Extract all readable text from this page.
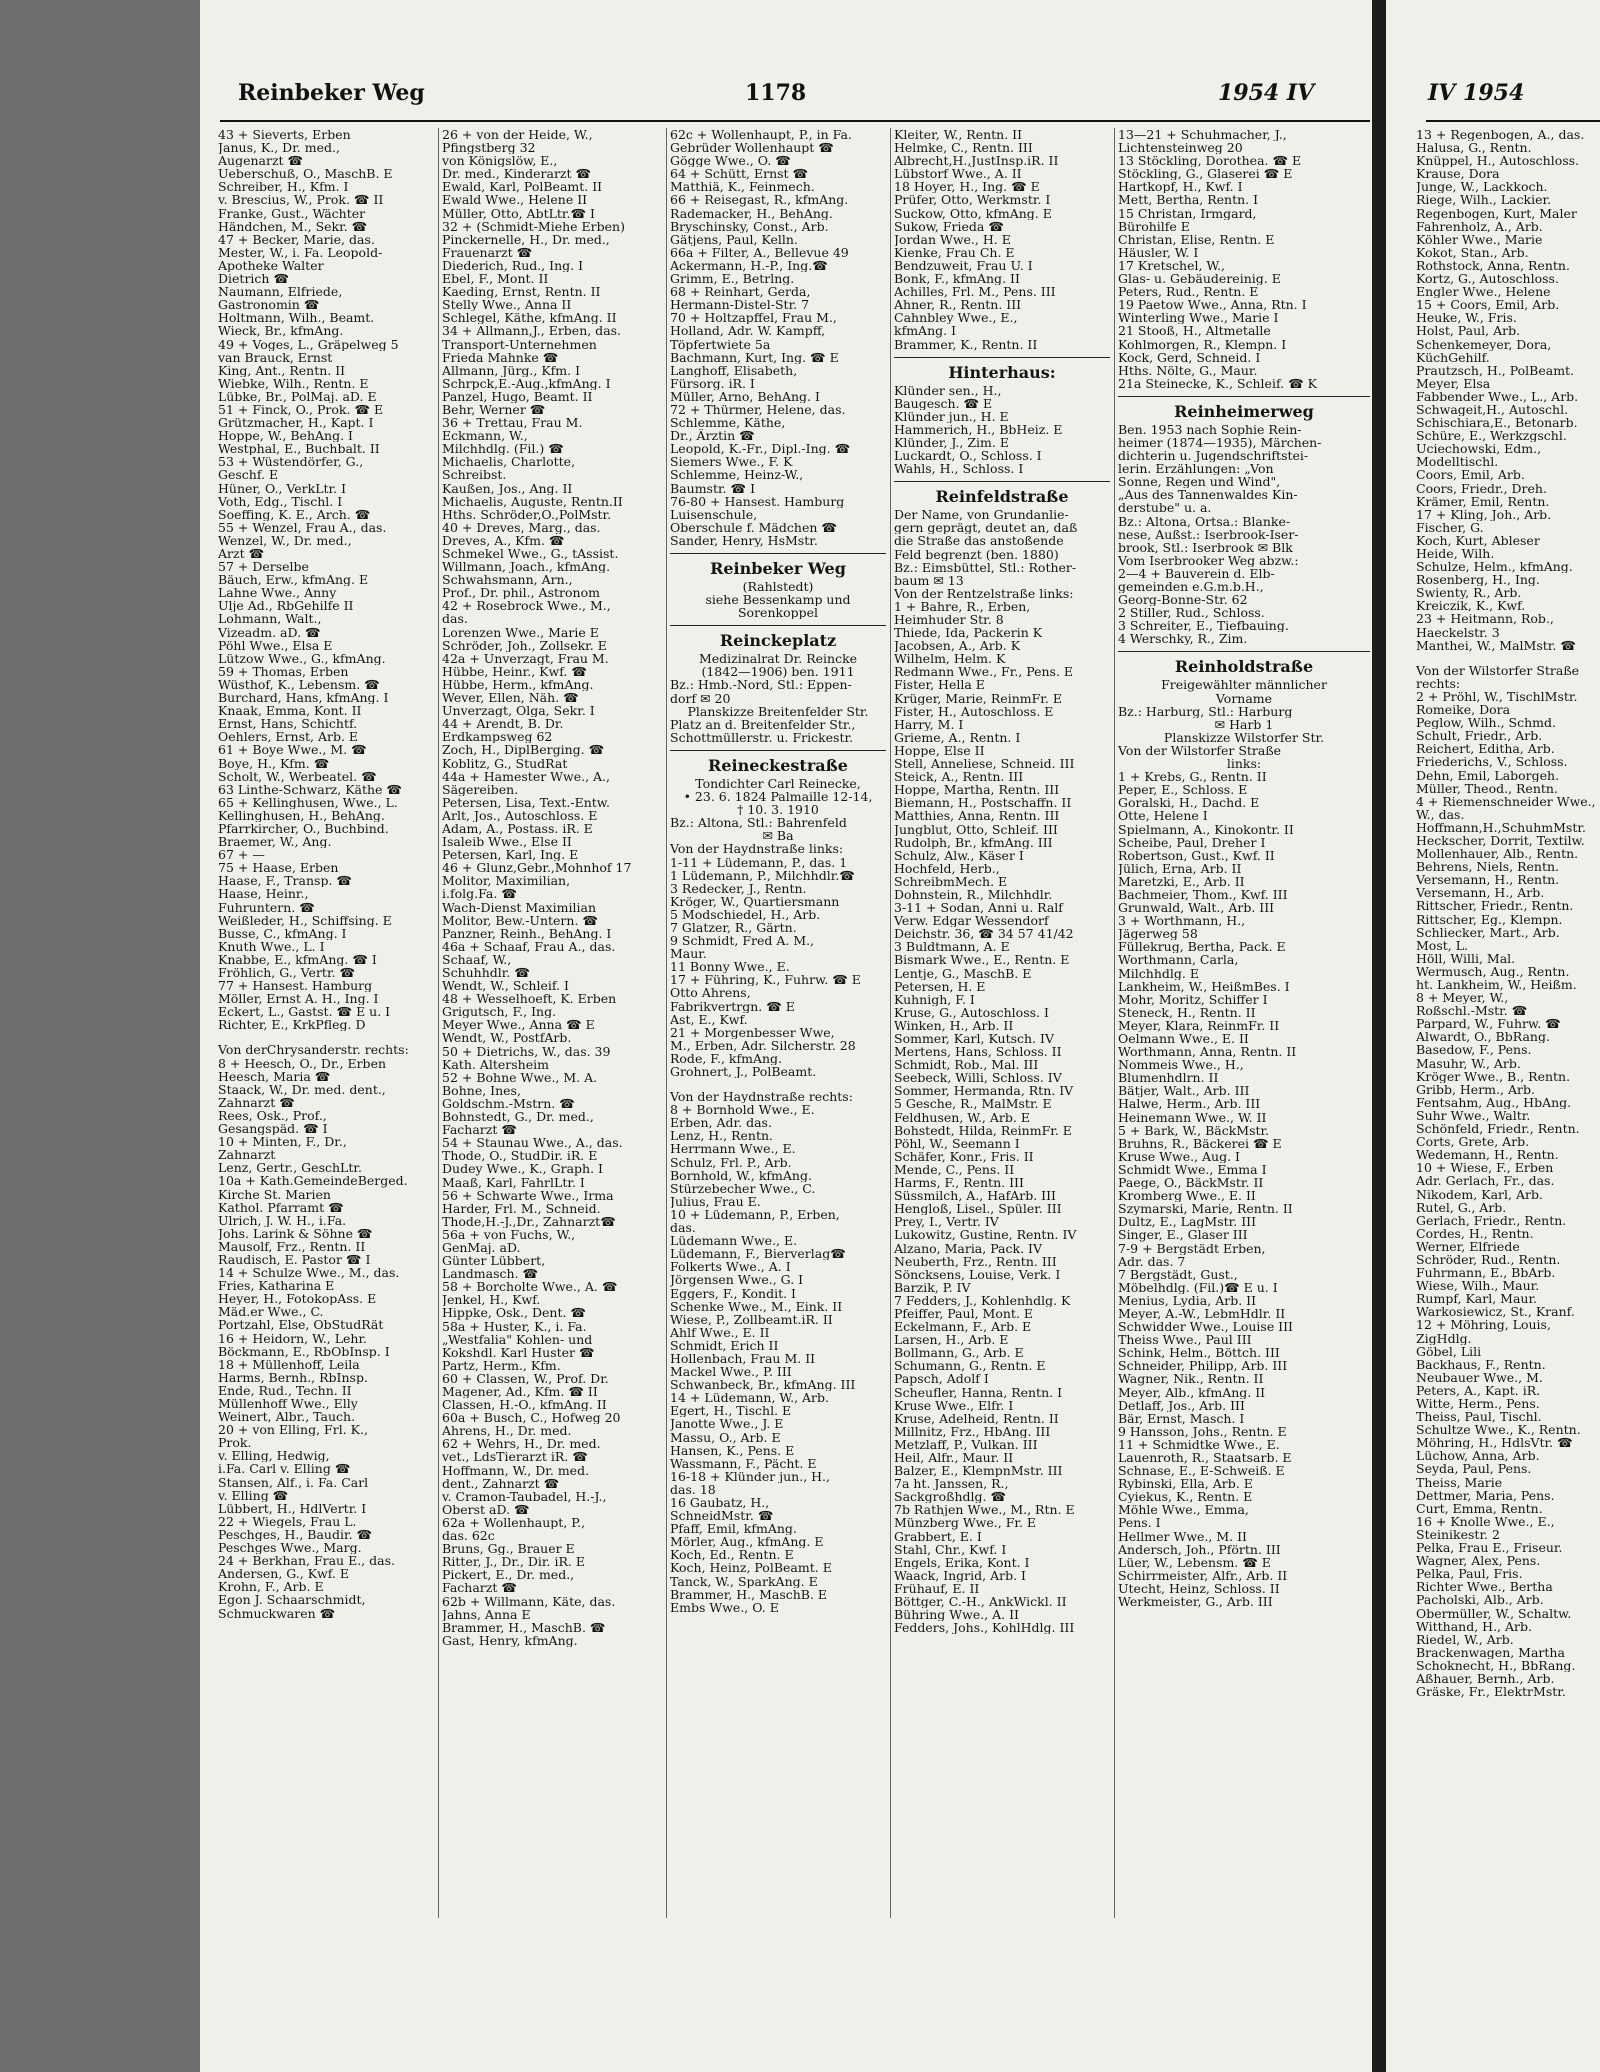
Reinbeker Weg	1178	1954 IV
43 + Sieverts, Erben
Janus, K., Dr. med.,
Augenarzt ☎
Ueberschuß, O., MaschB. E
Schreiber, H., Kfm. I
v. Brescius, W., Prok. ☎ II
Franke, Gust., Wächter
Händchen, M., Sekr. ☎
47 + Becker, Marie, das.
Mester, W., i. Fa. Leopold-
Apotheke Walter
Dietrich ☎
Naumann, Elfriede,
Gastronomin ☎
Holtmann, Wilh., Beamt.
Wieck, Br., kfmAng.
49 + Voges, L., Gräpelweg 5
van Brauck, Ernst
King, Ant., Rentn. II
Wiebke, Wilh., Rentn. E
Lübke, Br., PolMaj. aD. E
51 + Finck, O., Prok. ☎ E
Grützmacher, H., Kapt. I
Hoppe, W., BehAng. I
Westphal, E., Buchbalt. II
53 + Wüstendörfer, G.,
Geschf. E
Hüner, O., VerkLtr. I
Voth, Edg., Tischl. I
Soeffing, K. E., Arch. ☎
55 + Wenzel, Frau A., das.
Wenzel, W., Dr. med.,
Arzt ☎
57 + Derselbe
Bäuch, Erw., kfmAng. E
Lahne Wwe., Anny
Ulje Ad., RbGehilfe II
Lohmann, Walt.,
Vizeadm. aD. ☎
Pöhl Wwe., Elsa E
Lützow Wwe., G., kfmAng.
59 + Thomas, Erben
Wüsthof, K., Lebensm. ☎
Burchard, Hans, kfmAng. I
Knaak, Emma, Kont. II
Ernst, Hans, Schichtf.
Oehlers, Ernst, Arb. E
61 + Boye Wwe., M. ☎
Boye, H., Kfm. ☎
Scholt, W., Werbeatel. ☎
63 Linthe-Schwarz, Käthe ☎
65 + Kellinghusen, Wwe., L.
Kellinghusen, H., BehAng.
Pfarrkircher, O., Buchbind.
Braemer, W., Ang.
67 + —
75 + Haase, Erben
Haase, F., Transp. ☎
Haase, Heinr.,
Fuhruntern. ☎
Weißleder, H., Schiffsing. E
Busse, C., kfmAng. I
Knuth Wwe., L. I
Knabbe, E., kfmAng. ☎ I
Fröhlich, G., Vertr. ☎
77 + Hansest. Hamburg
Möller, Ernst A. H., Ing. I
Eckert, L., Gastst. ☎ E u. I
Richter, E., KrkPfleg. D
Von derChrysanderstr. rechts:
8 + Heesch, O., Dr., Erben
Heesch, Maria ☎
Staack, W., Dr. med. dent.,
Zahnarzt ☎
Rees, Osk., Prof.,
Gesangspäd. ☎ I
10 + Minten, F., Dr.,
Zahnarzt
Lenz, Gertr., GeschLtr.
10a + Kath.GemeindeBerged.
Kirche St. Marien
Kathol. Pfarramt ☎
Ulrich, J. W. H., i.Fa.
Johs. Larink & Söhne ☎
Mausolf, Frz., Rentn. II
Raudisch, E. Pastor ☎ I
14 + Schulze Wwe., M., das.
Fries, Katharina E
Heyer, H., FotokopAss. E
Mäd.er Wwe., C.
Portzahl, Else, ObStudRät
16 + Heidorn, W., Lehr.
Böckmann, E., RbObInsp. I
18 + Müllenhoff, Leila
Harms, Bernh., RbInsp.
Ende, Rud., Techn. II
Müllenhoff Wwe., Elly
Weinert, Albr., Tauch.
20 + von Elling, Frl. K.,
Prok.
v. Elling, Hedwig,
i.Fa. Carl v. Elling ☎
Stansen, Alf., i. Fa. Carl
v. Elling ☎
Lübbert, H., HdlVertr. I
22 + Wiegels, Frau L.
Peschges, H., Baudir. ☎
Peschges Wwe., Marg.
24 + Berkhan, Frau E., das.
Andersen, G., Kwf. E
Krohn, F., Arb. E
Egon J. Schaarschmidt,
Schmuckwaren ☎
26 + von der Heide, W.,
Pfingstberg 32
von Königslöw, E.,
Dr. med., Kinderarzt ☎
Ewald, Karl, PolBeamt. II
Ewald Wwe., Helene II
Müller, Otto, AbtLtr.☎ I
32 + (Schmidt-Miehe Erben)
Pinckernelle, H., Dr. med.,
Frauenarzt ☎
Diederich, Rud., Ing. I
Ebel, F., Mont. II
Kaeding, Ernst, Rentn. II
Stelly Wwe., Anna II
Schlegel, Käthe, kfmAng. II
34 + Allmann,J., Erben, das.
Transport-Unternehmen
Frieda Mahnke ☎
Allmann, Jürg., Kfm. I
Schrpck,E.-Aug.,kfmAng. I
Panzel, Hugo, Beamt. II
Behr, Werner ☎
36 + Trettau, Frau M.
Eckmann, W.,
Milchhdlg. (Fil.) ☎
Michaelis, Charlotte,
Schreibst.
Kaußen, Jos., Ang. II
Michaelis, Auguste, Rentn.II
Hths. Schröder,O.,PolMstr.
40 + Dreves, Marg., das.
Dreves, A., Kfm. ☎
Schmekel Wwe., G., tAssist.
Willmann, Joach., kfmAng.
Schwahsmann, Arn.,
Prof., Dr. phil., Astronom
42 + Rosebrock Wwe., M.,
das.
Lorenzen Wwe., Marie E
Schröder, Joh., Zollsekr. E
42a + Unverzagt, Frau M.
Hübbe, Heinr., Kwf. ☎
Hübbe, Herm., kfmAng.
Wever, Ellen, Näh. ☎
Unverzagt, Olga, Sekr. I
44 + Arendt, B. Dr.
Erdkampsweg 62
Zoch, H., DiplBerging. ☎
Koblitz, G., StudRat
44a + Hamester Wwe., A.,
Sägereiben.
Petersen, Lisa, Text.-Entw.
Arlt, Jos., Autoschloss. E
Adam, A., Postass. iR. E
Isaleib Wwe., Else II
Petersen, Karl, Ing. E
46 + Glunz,Gebr.,Mohnhof 17
Molitor, Maximilian,
i.folg.Fa. ☎
Wach-Dienst Maximilian
Molitor, Bew.-Untern. ☎
Panzner, Reinh., BehAng. I
46a + Schaaf, Frau A., das.
Schaaf, W.,
Schuhhdlr. ☎
Wendt, W., Schleif. I
48 + Wesselhoeft, K. Erben
Grigutsch, F., Ing.
Meyer Wwe., Anna ☎ E
Wendt, W., PostfArb.
50 + Dietrichs, W., das. 39
Kath. Altersheim
52 + Bohne Wwe., M. A.
Bohne, Ines,
Goldschm.-Mstrn. ☎
Bohnstedt, G., Dr. med.,
Facharzt ☎
54 + Staunau Wwe., A., das.
Thode, O., StudDir. iR. E
Dudey Wwe., K., Graph. I
Maaß, Karl, FahrlLtr. I
56 + Schwarte Wwe., Irma
Harder, Frl. M., Schneid.
Thode,H.-J.,Dr., Zahnarzt☎
56a + von Fuchs, W.,
GenMaj. aD.
Günter Lübbert,
Landmasch. ☎
58 + Borcholte Wwe., A. ☎
Jenkel, H., Kwf.
Hippke, Osk., Dent. ☎
58a + Huster, K., i. Fa.
„Westfalia" Kohlen- und
Kokshdl. Karl Huster ☎
Partz, Herm., Kfm.
60 + Classen, W., Prof. Dr.
Magener, Ad., Kfm. ☎ II
Classen, H.-O., kfmAng. II
60a + Busch, C., Hofweg 20
Ahrens, H., Dr. med.
62 + Wehrs, H., Dr. med.
vet., LdsTierarzt iR. ☎
Hoffmann, W., Dr. med.
dent., Zahnarzt ☎
v. Cramon-Taubadel, H.-J.,
Oberst aD. ☎
62a + Wollenhaupt, P.,
das. 62c
Bruns, Gg., Brauer E
Ritter, J., Dr., Dir. iR. E
Pickert, E., Dr. med.,
Facharzt ☎
62b + Willmann, Käte, das.
Jahns, Anna E
Brammer, H., MaschB. ☎
Gast, Henry, kfmAng.
62c + Wollenhaupt, P., in Fa.
Gebrüder Wollenhaupt ☎
Gögge Wwe., O. ☎
64 + Schütt, Ernst ☎
Matthiä, K., Feinmech.
66 + Reisegast, R., kfmAng.
Rademacker, H., BehAng.
Bryschinsky, Const., Arb.
Gätjens, Paul, Kelln.
66a + Filter, A., Bellevue 49
Ackermann, H.-P., Ing.☎
Grimm, E., Betrlng.
68 + Reinhart, Gerda,
Hermann-Distel-Str. 7
70 + Holtzapffel, Frau M.,
Holland, Adr. W. Kampff,
Töpfertwiete 5a
Bachmann, Kurt, Ing. ☎ E
Langhoff, Elisabeth,
Fürsorg. iR. I
Müller, Arno, BehAng. I
72 + Thürmer, Helene, das.
Schlemme, Käthe,
Dr., Ärztin ☎
Leopold, K.-Fr., Dipl.-Ing. ☎
Siemers Wwe., F. K
Schlemme, Heinz-W.,
Baumstr. ☎ I
76-80 + Hansest. Hamburg
Luisenschule,
Oberschule f. Mädchen ☎
Sander, Henry, HsMstr.
Reinbeker Weg
(Rahlstedt)
siehe Bessenkamp und
Sorenkoppel
Reinckeplatz
Medizinalrat Dr. Reincke
(1842—1906) ben. 1911
Bz.: Hmb.-Nord, Stl.: Eppen-
dorf ✉ 20
Planskizze Breitenfelder Str.
Platz an d. Breitenfelder Str.,
Schottmüllerstr. u. Frickestr.
Reineckestraße
Tondichter Carl Reinecke,
• 23. 6. 1824 Palmaille 12-14,
† 10. 3. 1910
Bz.: Altona, Stl.: Bahrenfeld
✉ Ba
Von der Haydnstraße links:
1-11 + Lüdemann, P., das. 1
1 Lüdemann, P., Milchhdlr.☎
3 Redecker, J., Rentn.
Kröger, W., Quartiersmann
5 Modschiedel, H., Arb.
7 Glatzer, R., Gärtn.
9 Schmidt, Fred A. M.,
Maur.
11 Bonny Wwe., E.
17 + Führing, K., Fuhrw. ☎ E
Otto Ahrens,
Fabrikvertrgn. ☎ E
Ast, E., Kwf.
21 + Morgenbesser Wwe,
M., Erben, Adr. Silcherstr. 28
Rode, F., kfmAng.
Grohnert, J., PolBeamt.
Von der Haydnstraße rechts:
8 + Bornhold Wwe., E.
Erben, Adr. das.
Lenz, H., Rentn.
Herrmann Wwe., E.
Schulz, Frl. P., Arb.
Bornhold, W., kfmAng.
Stürzebecher Wwe., C.
Julius, Frau E.
10 + Lüdemann, P., Erben,
das.
Lüdemann Wwe., E.
Lüdemann, F., Bierverlag☎
Folkerts Wwe., A. I
Jörgensen Wwe., G. I
Eggers, F., Kondit. I
Schenke Wwe., M., Eink. II
Wiese, P., Zollbeamt.iR. II
Ahlf Wwe., E. II
Schmidt, Erich II
Hollenbach, Frau M. II
Mackel Wwe., P. III
Schwanbeck, Br., kfmAng. III
14 + Lüdemann, W., Arb.
Egert, H., Tischl. E
Janotte Wwe., J. E
Massu, O., Arb. E
Hansen, K., Pens. E
Wassmann, F., Pächt. E
16-18 + Klünder jun., H.,
das. 18
16 Gaubatz, H.,
SchneidMstr. ☎
Pfaff, Emil, kfmAng.
Mörler, Aug., kfmAng. E
Koch, Ed., Rentn. E
Koch, Heinz, PolBeamt. E
Tanck, W., SparkAng. E
Brammer, H., MaschB. E
Embs Wwe., O. E
Kleiter, W., Rentn. II
Helmke, C., Rentn. III
Albrecht,H.,JustInsp.iR. II
Lübstorf Wwe., A. II
18 Hoyer, H., Ing. ☎ E
Prüfer, Otto, Werkmstr. I
Suckow, Otto, kfmAng. E
Sukow, Frieda ☎
Jordan Wwe., H. E
Kienke, Frau Ch. E
Bendzuweit, Frau U. I
Bonk, F., kfmAng. II
Achilles, Frl. M., Pens. III
Ahner, R., Rentn. III
Cahnbley Wwe., E.,
kfmAng. I
Brammer, K., Rentn. II
Hinterhaus:
Klünder sen., H.,
Baugesch. ☎ E
Klünder jun., H. E
Hammerich, H., BbHeiz. E
Klünder, J., Zim. E
Luckardt, O., Schloss. I
Wahls, H., Schloss. I
Reinfeldstraße
Der Name, von Grundanlie-
gern geprägt, deutet an, daß
die Straße das anstoßende
Feld begrenzt (ben. 1880)
Bz.: Eimsbüttel, Stl.: Rother-
baum ✉ 13
Von der Rentzelstraße links:
1 + Bahre, R., Erben,
Heimhuder Str. 8
Thiede, Ida, Packerin K
Jacobsen, A., Arb. K
Wilhelm, Helm. K
Redmann Wwe., Fr., Pens. E
Fister, Hella E
Krüger, Marie, ReinmFr. E
Fister, H., Autoschloss. E
Harry, M. I
Grieme, A., Rentn. I
Hoppe, Else II
Stell, Anneliese, Schneid. III
Steick, A., Rentn. III
Hoppe, Martha, Rentn. III
Biemann, H., Postschaffn. II
Matthies, Anna, Rentn. III
Jungblut, Otto, Schleif. III
Rudolph, Br., kfmAng. III
Schulz, Alw., Käser I
Hochfeld, Herb.,
SchreibmMech. E
Dohnstein, R., Milchhdlr.
3-11 + Sodan, Anni u. Ralf
Verw. Edgar Wessendorf
Deichstr. 36, ☎ 34 57 41/42
3 Buldtmann, A. E
Bismark Wwe., E., Rentn. E
Lentje, G., MaschB. E
Petersen, H. E
Kuhnigh, F. I
Kruse, G., Autoschloss. I
Winken, H., Arb. II
Sommer, Karl, Kutsch. IV
Mertens, Hans, Schloss. II
Schmidt, Rob., Mal. III
Seebeck, Willi, Schloss. IV
Sommer, Hermanda, Rtn. IV
5 Gesche, R., MalMstr. E
Feldhusen, W., Arb. E
Bohstedt, Hilda, ReinmFr. E
Pöhl, W., Seemann I
Schäfer, Konr., Fris. II
Mende, C., Pens. II
Harms, F., Rentn. III
Süssmilch, A., HafArb. III
Hengloß, Lisel., Spüler. III
Prey, I., Vertr. IV
Lukowitz, Gustine, Rentn. IV
Alzano, Maria, Pack. IV
Neuberth, Frz., Rentn. III
Söncksens, Louise, Verk. I
Barzik, P. IV
7 Fedders, J., Kohlenhdlg. K
Pfeiffer, Paul, Mont. E
Eckelmann, F., Arb. E
Larsen, H., Arb. E
Bollmann, G., Arb. E
Schumann, G., Rentn. E
Papsch, Adolf I
Scheufler, Hanna, Rentn. I
Kruse Wwe., Elfr. I
Kruse, Adelheid, Rentn. II
Millnitz, Frz., HbAng. III
Metzlaff, P., Vulkan. III
Heil, Alfr., Maur. II
Balzer, E., KlempnMstr. III
7a ht. Janssen, R.,
Sackgroßhdlg. ☎
7b Rathjen Wwe., M., Rtn. E
Münzberg Wwe., Fr. E
Grabbert, E. I
Stahl, Chr., Kwf. I
Engels, Erika, Kont. I
Waack, Ingrid, Arb. I
Frühauf, E. II
Böttger, C.-H., AnkWickl. II
Bühring Wwe., A. II
Fedders, Johs., KohlHdlg. III
13—21 + Schuhmacher, J.,
Lichtensteinweg 20
13 Stöckling, Dorothea. ☎ E
Stöckling, G., Glaserei ☎ E
Hartkopf, H., Kwf. I
Mett, Bertha, Rentn. I
15 Christan, Irmgard,
Bürohilfe E
Christan, Elise, Rentn. E
Häusler, W. I
17 Kretschel, W.,
Glas- u. Gebäudereinig. E
Peters, Rud., Rentn. E
19 Paetow Wwe., Anna, Rtn. I
Winterling Wwe., Marie I
21 Stooß, H., Altmetalle
Kohlmorgen, R., Klempn. I
Kock, Gerd, Schneid. I
Hths. Nölte, G., Maur.
21a Steinecke, K., Schleif. ☎ K
Reinheimerweg
Ben. 1953 nach Sophie Rein-
heimer (1874—1935), Märchen-
dichterin u. Jugendschriftstei-
lerin. Erzählungen: „Von
Sonne, Regen und Wind",
„Aus des Tannenwaldes Kin-
derstube" u. a.
Bz.: Altona, Ortsa.: Blanke-
nese, Außst.: Iserbrook-Iser-
brook, Stl.: Iserbrook ✉ Blk
Vom Iserbrooker Weg abzw.:
2—4 + Bauverein d. Elb-
gemeinden e.G.m.b.H.,
Georg-Bonne-Str. 62
2 Stiller, Rud., Schloss.
3 Schreiter, E., Tiefbauing.
4 Werschky, R., Zim.
Reinholdstraße
Freigewählter männlicher
Vorname
Bz.: Harburg, Stl.: Harburg
✉ Harb 1
Planskizze Wilstorfer Str.
Von der Wilstorfer Straße
links:
1 + Krebs, G., Rentn. II
Peper, E., Schloss. E
Goralski, H., Dachd. E
Otte, Helene I
Spielmann, A., Kinokontr. II
Scheibe, Paul, Dreher I
Robertson, Gust., Kwf. II
Jülich, Erna, Arb. II
Maretzki, E., Arb. II
Bachmeier, Thom., Kwf. III
Grunwald, Walt., Arb. III
3 + Worthmann, H.,
Jägerweg 58
Füllekrug, Bertha, Pack. E
Worthmann, Carla,
Milchhdlg. E
Lankheim, W., HeißmBes. I
Mohr, Moritz, Schiffer I
Steneck, H., Rentn. II
Meyer, Klara, ReinmFr. II
Oelmann Wwe., E. II
Worthmann, Anna, Rentn. II
Nommeis Wwe., H.,
Blumenhdlrn. II
Bätjer, Walt., Arb. III
Halwe, Herm., Arb. III
Heinemann Wwe., W. II
5 + Bark, W., BäckMstr.
Bruhns, R., Bäckerei ☎ E
Kruse Wwe., Aug. I
Schmidt Wwe., Emma I
Paege, O., BäckMstr. II
Kromberg Wwe., E. II
Szymarski, Marie, Rentn. II
Dultz, E., LagMstr. III
Singer, E., Glaser III
7-9 + Bergstädt Erben,
Adr. das. 7
7 Bergstädt, Gust.,
Möbelhdlg. (Fil.)☎ E u. I
Menius, Lydia, Arb. II
Meyer, A.-W., LebmHdlr. II
Schwidder Wwe., Louise III
Theiss Wwe., Paul III
Schink, Helm., Böttch. III
Schneider, Philipp, Arb. III
Wagner, Nik., Rentn. II
Meyer, Alb., kfmAng. II
Detlaff, Jos., Arb. III
Bär, Ernst, Masch. I
9 Hansson, Johs., Rentn. E
11 + Schmidtke Wwe., E.
Lauenroth, R., Staatsarb. E
Schnase, E., E-Schweiß. E
Rybinski, Ella, Arb. E
Cyiekus, K., Rentn. E
Möhle Wwe., Emma,
Pens. I
Hellmer Wwe., M. II
Andersch, Joh., Pförtn. III
Lüer, W., Lebensm. ☎ E
Schirrmeister, Alfr., Arb. II
Utecht, Heinz, Schloss. II
Werkmeister, G., Arb. III
IV 1954
13 + Regenbogen, A., das.
Halusa, G., Rentn.
Knüppel, H., Autoschloss.
Krause, Dora
Junge, W., Lackkoch.
Riege, Wilh., Lackier.
Regenbogen, Kurt, Maler
Fahrenholz, A., Arb.
Köhler Wwe., Marie
Kokot, Stan., Arb.
Rothstock, Anna, Rentn.
Kortz, G., Autoschloss.
Engler Wwe., Helene
15 + Coors, Emil, Arb.
Heuke, W., Fris.
Holst, Paul, Arb.
Schenkemeyer, Dora,
KüchGehilf.
Prautzsch, H., PolBeamt.
Meyer, Elsa
Fabbender Wwe., L., Arb.
Schwageit,H., Autoschl.
Schischiara,E., Betonarb.
Schüre, E., Werkzgschl.
Uciechowski, Edm.,
Modelltischl.
Coors, Emil, Arb.
Coors, Friedr., Dreh.
Krämer, Emil, Rentn.
17 + Kling, Joh., Arb.
Fischer, G.
Koch, Kurt, Ableser
Heide, Wilh.
Schulze, Helm., kfmAng.
Rosenberg, H., Ing.
Swienty, R., Arb.
Kreiczik, K., Kwf.
23 + Heitmann, Rob.,
Haeckelstr. 3
Manthei, W., MalMstr. ☎
Von der Wilstorfer Straße
rechts:
2 + Pröhl, W., TischlMstr.
Romeike, Dora
Peglow, Wilh., Schmd.
Schult, Friedr., Arb.
Reichert, Editha, Arb.
Friederichs, V., Schloss.
Dehn, Emil, Laborgeh.
Müller, Theod., Rentn.
4 + Riemenschneider Wwe.,
W., das.
Hoffmann,H.,SchuhmMstr.
Heckscher, Dorrit, Textilw.
Mollenhauer, Alb., Rentn.
Behrens, Niels, Rentn.
Versemann, H., Rentn.
Versemann, H., Arb.
Rittscher, Friedr., Rentn.
Rittscher, Eg., Klempn.
Schliecker, Mart., Arb.
Most, L.
Höll, Willi, Mal.
Wermusch, Aug., Rentn.
ht. Lankheim, W., Heißm.
8 + Meyer, W.,
Roßschl.-Mstr. ☎
Parpard, W., Fuhrw. ☎
Alwardt, O., BbRang.
Basedow, F., Pens.
Masuhr, W., Arb.
Kröger Wwe., B., Rentn.
Gribb, Herm., Arb.
Fentsahm, Aug., HbAng.
Suhr Wwe., Waltr.
Schönfeld, Friedr., Rentn.
Corts, Grete, Arb.
Wedemann, H., Rentn.
10 + Wiese, F., Erben
Adr. Gerlach, Fr., das.
Nikodem, Karl, Arb.
Rutel, G., Arb.
Gerlach, Friedr., Rentn.
Cordes, H., Rentn.
Werner, Elfriede
Schröder, Rud., Rentn.
Fuhrmann, E., BbArb.
Wiese, Wilh., Maur.
Rumpf, Karl, Maur.
Warkosiewicz, St., Kranf.
12 + Möhring, Louis,
ZigHdlg.
Göbel, Lili
Backhaus, F., Rentn.
Neubauer Wwe., M.
Peters, A., Kapt. iR.
Witte, Herm., Pens.
Theiss, Paul, Tischl.
Schultze Wwe., K., Rentn.
Möhring, H., HdlsVtr. ☎
Lüchow, Anna, Arb.
Seyda, Paul, Pens.
Theiss, Marie
Dettmer, Maria, Pens.
Curt, Emma, Rentn.
16 + Knolle Wwe., E.,
Steinikestr. 2
Pelka, Frau E., Friseur.
Wagner, Alex, Pens.
Pelka, Paul, Fris.
Richter Wwe., Bertha
Pacholski, Alb., Arb.
Obermüller, W., Schaltw.
Witthand, H., Arb.
Riedel, W., Arb.
Brackenwagen, Martha
Schoknecht, H., BbRang.
Aßhauer, Bernh., Arb.
Gräske, Fr., ElektrMstr.
